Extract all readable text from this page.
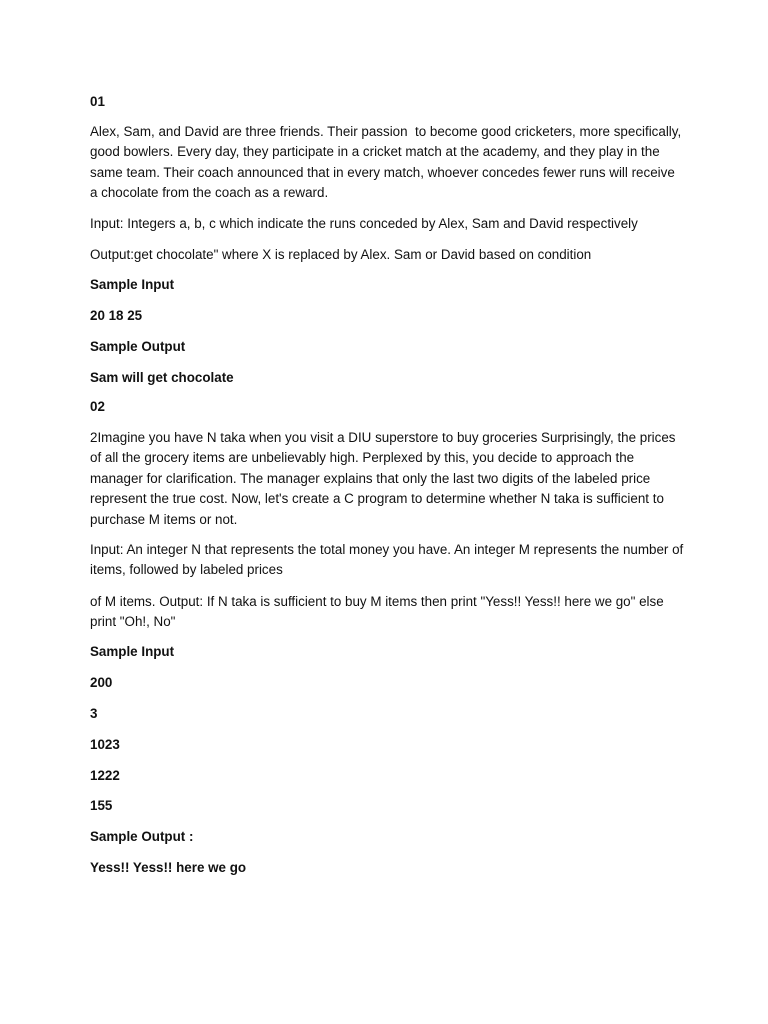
01

Alex, Sam, and David are three friends. Their passion  to become good cricketers, more specifically, good bowlers. Every day, they participate in a cricket match at the academy, and they play in the same team. Their coach announced that in every match, whoever concedes fewer runs will receive a chocolate from the coach as a reward.

Input: Integers a, b, c which indicate the runs conceded by Alex, Sam and David respectively

Output:get chocolate" where X is replaced by Alex. Sam or David based on condition

Sample Input

20 18 25

Sample Output

Sam will get chocolate

02

2Imagine you have N taka when you visit a DIU superstore to buy groceries Surprisingly, the prices of all the grocery items are unbelievably high. Perplexed by this, you decide to approach the manager for clarification. The manager explains that only the last two digits of the labeled price represent the true cost. Now, let's create a C program to determine whether N taka is sufficient to purchase M items or not.

Input: An integer N that represents the total money you have. An integer M represents the number of items, followed by labeled prices

of M items. Output: If N taka is sufficient to buy M items then print "Yess!! Yess!! here we go" else print "Oh!, No"

Sample Input

200

3

1023

1222

155

Sample Output :

Yess!! Yess!! here we go
